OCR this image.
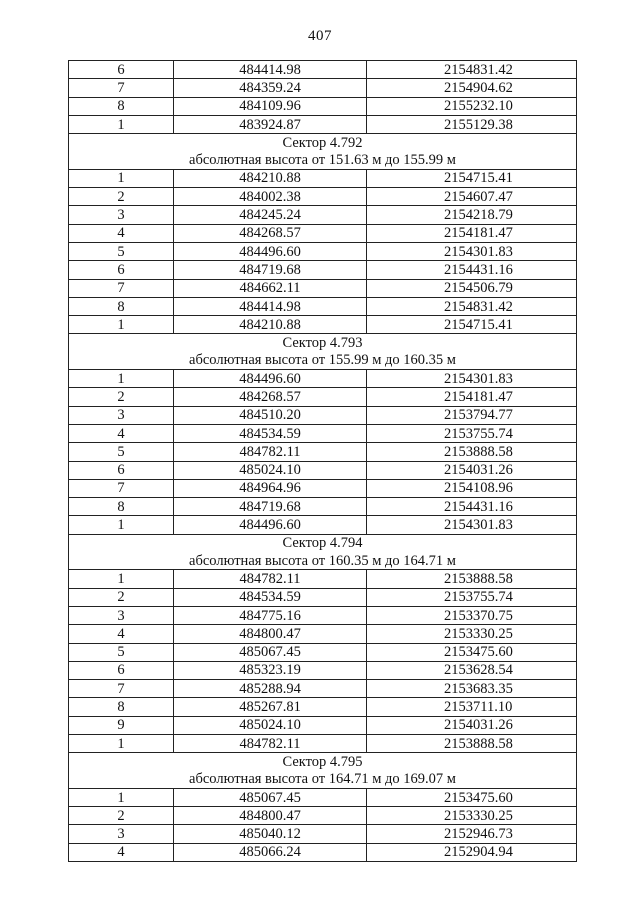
407
6	484414.98	2154831.42
7	484359.24	2154904.62
8	484109.96	2155232.10
1	483924.87	2155129.38
Сектор 4.792		
абсолютная высота от 151.63 м до 155.99 м		
1	484210.88	2154715.41
2	484002.38	2154607.47
3	484245.24	2154218.79
4	484268.57	2154181.47
5	484496.60	2154301.83
6	484719.68	2154431.16
7	484662.11	2154506.79
8	484414.98	2154831.42
1	484210.88	2154715.41
Сектор 4.793		
абсолютная высота от 155.99 м до 160.35 м		
1	484496.60	2154301.83
2	484268.57	2154181.47
3	484510.20	2153794.77
4	484534.59	2153755.74
5	484782.11	2153888.58
6	485024.10	2154031.26
7	484964.96	2154108.96
8	484719.68	2154431.16
1	484496.60	2154301.83
Сектор 4.794		
абсолютная высота от 160.35 м до 164.71 м		
1	484782.11	2153888.58
2	484534.59	2153755.74
3	484775.16	2153370.75
4	484800.47	2153330.25
5	485067.45	2153475.60
6	485323.19	2153628.54
7	485288.94	2153683.35
8	485267.81	2153711.10
9	485024.10	2154031.26
1	484782.11	2153888.58
Сектор 4.795		
абсолютная высота от 164.71 м до 169.07 м		
1	485067.45	2153475.60
2	484800.47	2153330.25
3	485040.12	2152946.73
4	485066.24	2152904.94
